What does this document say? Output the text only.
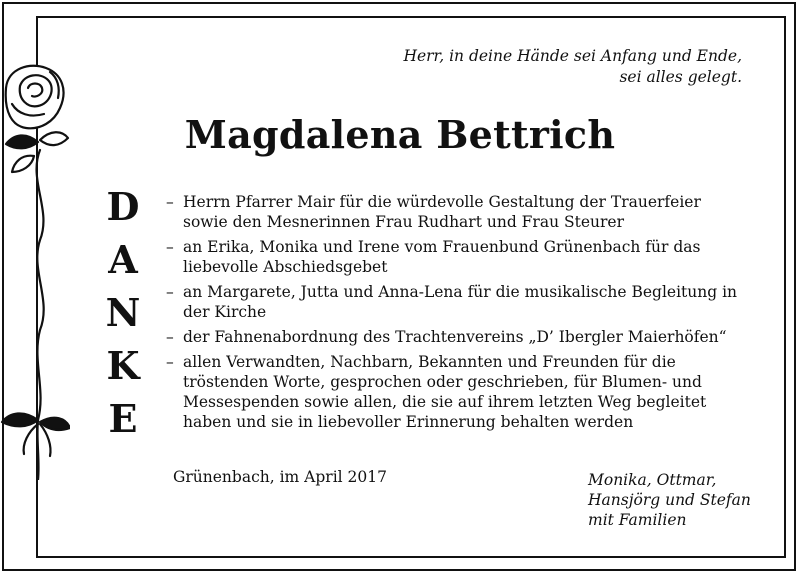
Herr, in deine Hände sei Anfang und Ende,
sei alles gelegt.
Magdalena Bettrich
D
A
N
K
E
– Herrn Pfarrer Mair für die würdevolle Gestaltung der Trauerfeier sowie den Mesnerinnen Frau Rudhart und Frau Steurer
– an Erika, Monika und Irene vom Frauenbund Grünenbach für das liebevolle Abschiedsgebet
– an Margarete, Jutta und Anna-Lena für die musikalische Begleitung in der Kirche
– der Fahnenabordnung des Trachtenvereins „D’ Ibergler Maierhöfen“
– allen Verwandten, Nachbarn, Bekannten und Freunden für die tröstenden Worte, gesprochen oder geschrieben, für Blumen- und Messespenden sowie allen, die sie auf ihrem letzten Weg begleitet haben und sie in liebevoller Erinnerung behalten werden
Grünenbach, im April 2017	Monika, Ottmar,
Hansjörg und Stefan
mit Familien
